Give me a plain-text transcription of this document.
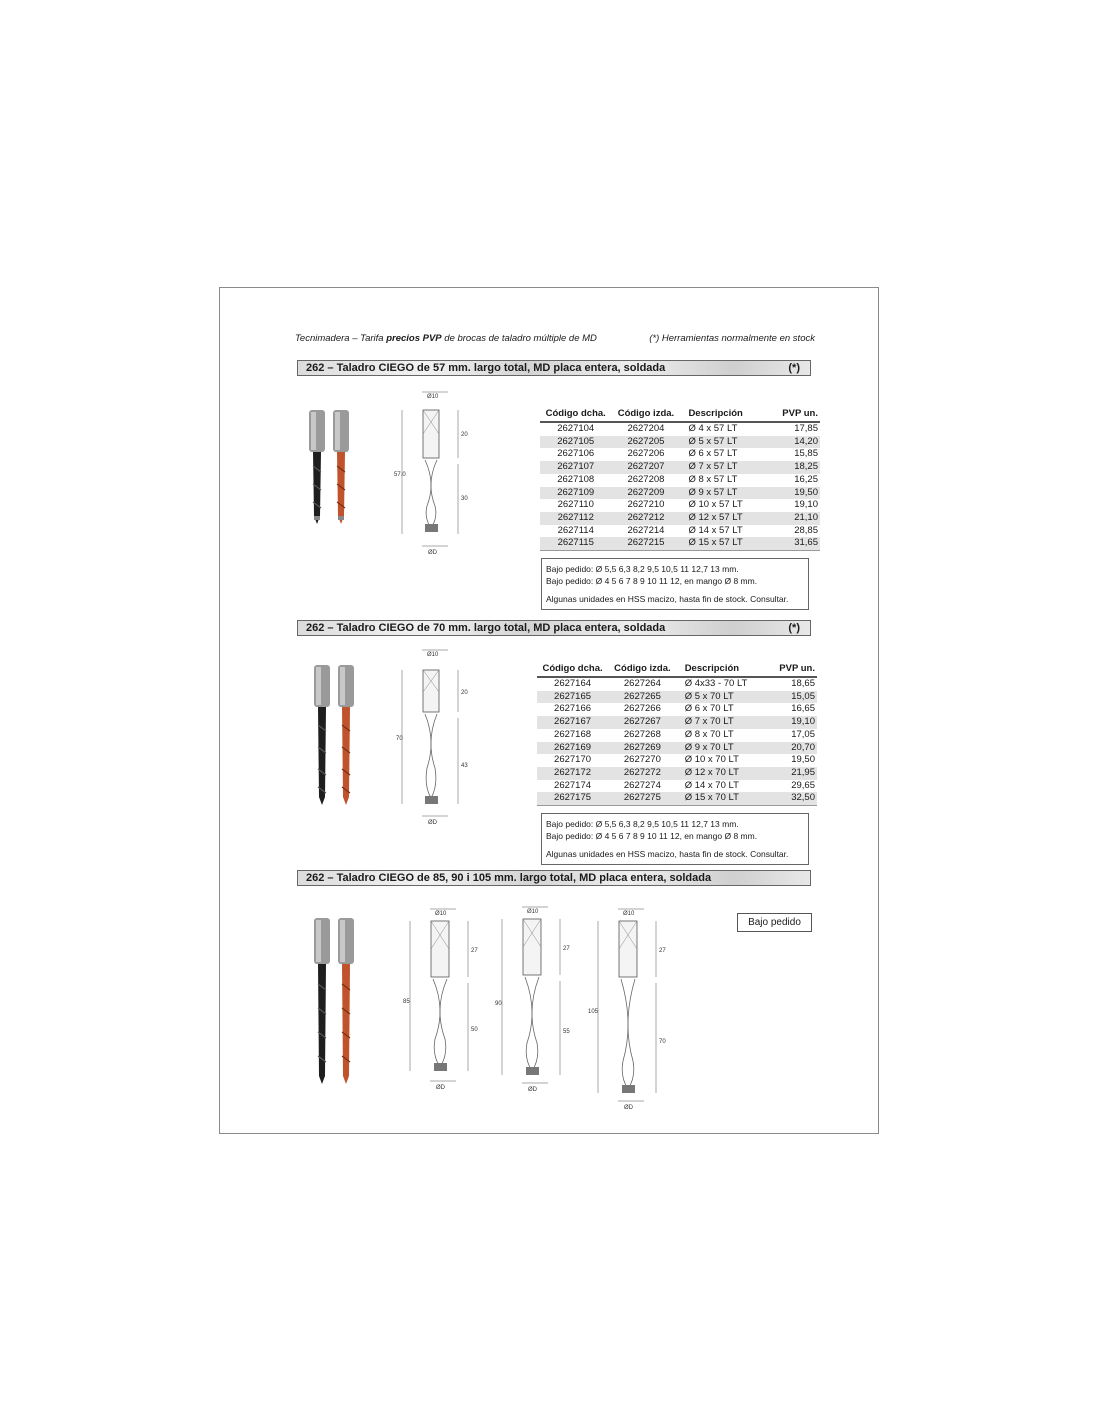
Tecnimadera – Tarifa precios PVP de brocas de taladro múltiple de MD	(*) Herramientas normalmente en stock
262 – Taladro CIEGO de 57 mm. largo total, MD placa entera, soldada	(*)
Ø10
57.0
20
30
ØD
Código dcha.	Código izda.	Descripción	PVP un.
2627104	2627204	Ø 4 x 57 LT	17,85
2627105	2627205	Ø 5 x 57 LT	14,20
2627106	2627206	Ø 6 x 57 LT	15,85
2627107	2627207	Ø 7 x 57 LT	18,25
2627108	2627208	Ø 8 x 57 LT	16,25
2627109	2627209	Ø 9 x 57 LT	19,50
2627110	2627210	Ø 10 x 57 LT	19,10
2627112	2627212	Ø 12 x 57 LT	21,10
2627114	2627214	Ø 14 x 57 LT	28,85
2627115	2627215	Ø 15 x 57 LT	31,65
Bajo pedido: Ø 5,5 6,3 8,2 9,5 10,5 11 12,7 13 mm.
Bajo pedido: Ø 4 5 6 7 8 9 10 11 12, en mango Ø 8 mm.
Algunas unidades en HSS macizo, hasta fin de stock. Consultar.
262 – Taladro CIEGO de 70 mm. largo total, MD placa entera, soldada	(*)
Ø10
70
20
43
ØD
Código dcha.	Código izda.	Descripción	PVP un.
2627164	2627264	Ø 4x33 - 70 LT	18,65
2627165	2627265	Ø 5 x 70 LT	15,05
2627166	2627266	Ø 6 x 70 LT	16,65
2627167	2627267	Ø 7 x 70 LT	19,10
2627168	2627268	Ø 8 x 70 LT	17,05
2627169	2627269	Ø 9 x 70 LT	20,70
2627170	2627270	Ø 10 x 70 LT	19,50
2627172	2627272	Ø 12 x 70 LT	21,95
2627174	2627274	Ø 14 x 70 LT	29,65
2627175	2627275	Ø 15 x 70 LT	32,50
Bajo pedido: Ø 5,5 6,3 8,2 9,5 10,5 11 12,7 13 mm.
Bajo pedido: Ø 4 5 6 7 8 9 10 11 12, en mango Ø 8 mm.
Algunas unidades en HSS macizo, hasta fin de stock. Consultar.
262 – Taladro CIEGO de 85, 90 i 105 mm. largo total, MD placa entera, soldada
Bajo pedido
Ø10
85
27
50
ØD
Ø10
90
27
55
ØD
Ø10
105
27
70
ØD
